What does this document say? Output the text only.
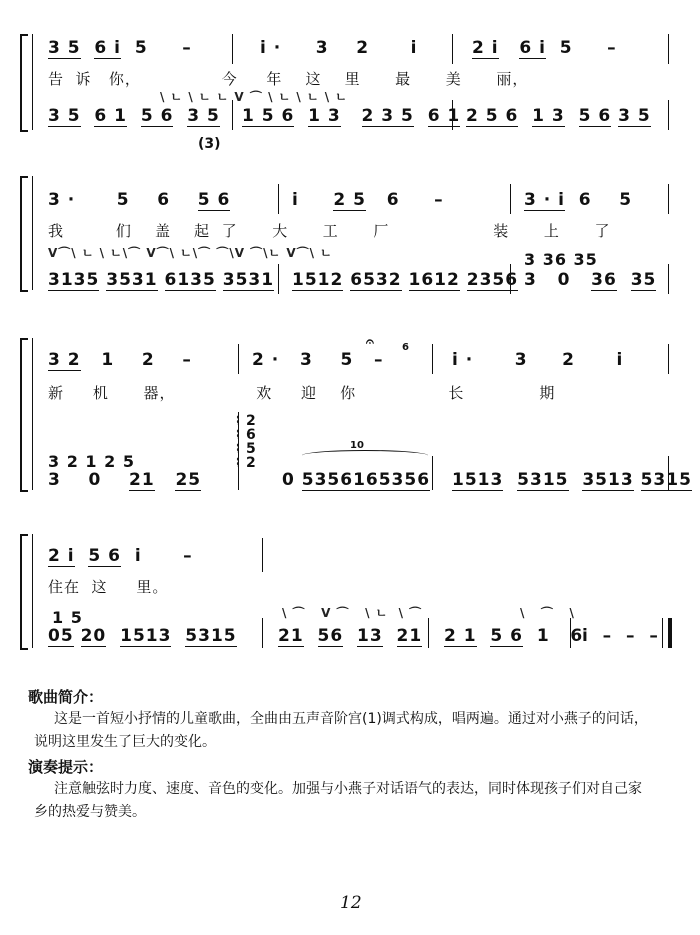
3 5 6 i  5     –	i ·     3    2      i	2 i 6 i  5     –
告  诉   你，              今     年    这    里      最      美      丽，
\ ㄴ \ ㄴ ㄴ V ⌒ \ ㄴ \ ㄴ \ ㄴ
3 5 6 1 5 6 3 5 1 5 6 1 3 2 3 5 6 1 2 5 6 1 3 5 6 3 5
(3)
3 ·      5    6    5 6	i     2 5   6     –	3 · i  6    5
我         们    盖    起  了      大      工      厂                  装      上      了
V⌒\ ㄴ \ ㄴ\⌒ V⌒\ ㄴ\⌒ ⌒\V ⌒\ㄴ V⌒\ ㄴ	3 36 35
3135 3531 6135 3531 1512 6532 1612 2356 3   0   36 35
3 2   1    2    –	2 ·   3    5   –
𝄐	6
i ·      3     2      i
新     机      器，              欢     迎    你                长             期
3 2 1 2 5
3    0    21 25
2
6
5
2
⌇
⌇
⌇
⌇
10
0 5356165356 1513 5315 3513 5315
2 i 5 6  i      –
住在  这     里。
1 5
05 20 1513 5315
\ ⌒   V ⌒   \ ㄴ  \ ⌒
21 56 13 21
\   ⌒   \
2 1 5 6  1   6
i  –  –  –
歌曲简介：
这是一首短小抒情的儿童歌曲，全曲由五声音阶宫(1)调式构成，唱两遍。通过对小燕子的问话，
说明这里发生了巨大的变化。
演奏提示：
注意触弦时力度、速度、音色的变化。加强与小燕子对话语气的表达，同时体现孩子们对自己家
乡的热爱与赞美。
12
